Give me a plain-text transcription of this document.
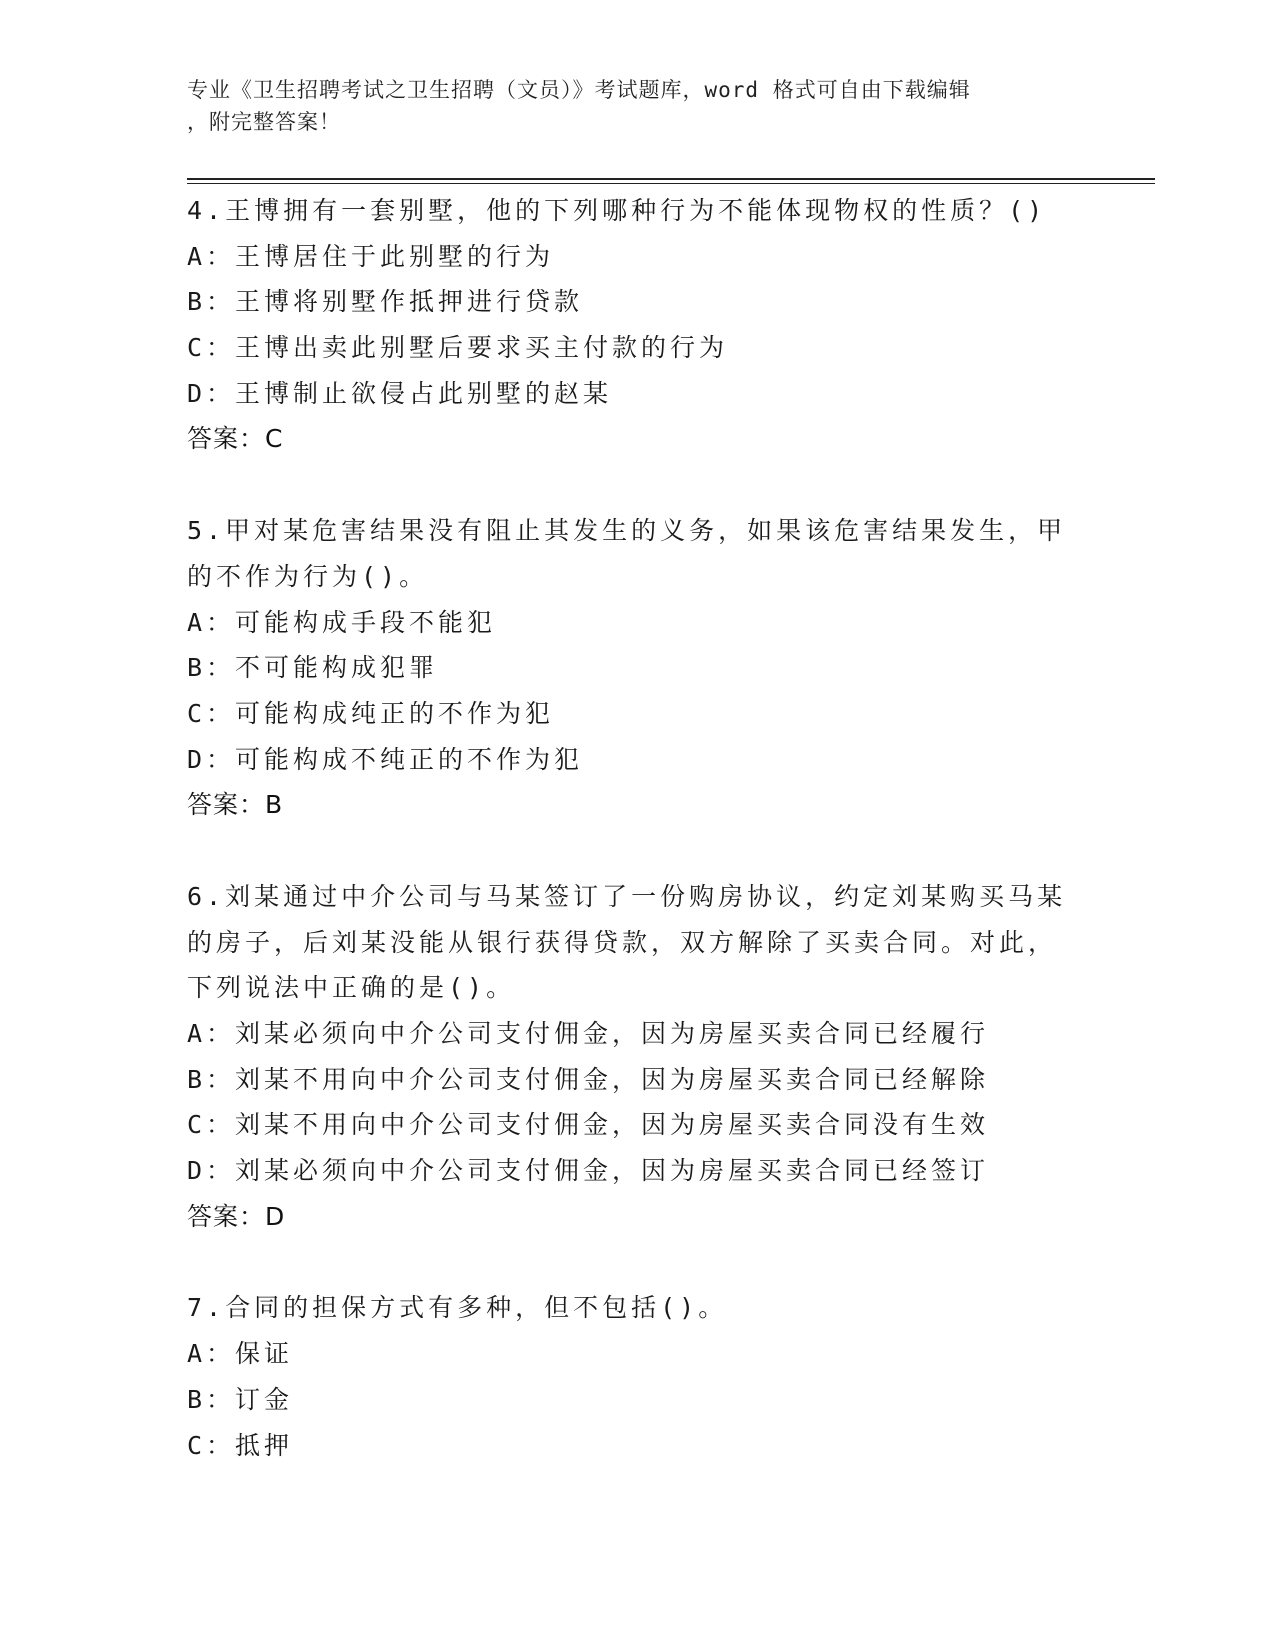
专业《卫生招聘考试之卫生招聘（文员）》考试题库，word 格式可自由下载编辑
，附完整答案！
4.王博拥有一套别墅，他的下列哪种行为不能体现物权的性质？()
A：王博居住于此别墅的行为
B：王博将别墅作抵押进行贷款
C：王博出卖此别墅后要求买主付款的行为
D：王博制止欲侵占此别墅的赵某
答案：C
5.甲对某危害结果没有阻止其发生的义务，如果该危害结果发生，甲
的不作为行为()。
A：可能构成手段不能犯
B：不可能构成犯罪
C：可能构成纯正的不作为犯
D：可能构成不纯正的不作为犯
答案：B
6.刘某通过中介公司与马某签订了一份购房协议，约定刘某购买马某
的房子，后刘某没能从银行获得贷款，双方解除了买卖合同。对此，
下列说法中正确的是()。
A：刘某必须向中介公司支付佣金，因为房屋买卖合同已经履行
B：刘某不用向中介公司支付佣金，因为房屋买卖合同已经解除
C：刘某不用向中介公司支付佣金，因为房屋买卖合同没有生效
D：刘某必须向中介公司支付佣金，因为房屋买卖合同已经签订
答案：D
7.合同的担保方式有多种，但不包括()。
A：保证
B：订金
C：抵押
